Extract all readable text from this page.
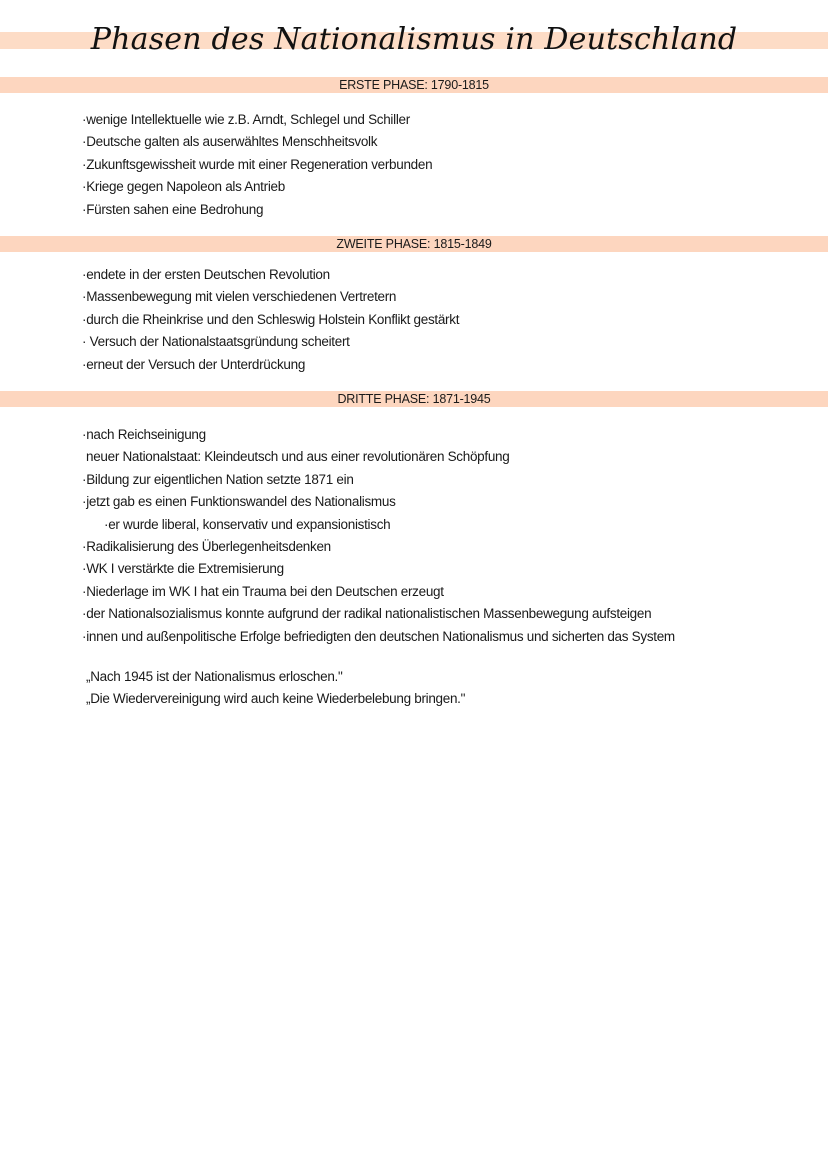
Phasen des Nationalismus in Deutschland
ERSTE PHASE: 1790-1815
·wenige Intellektuelle wie z.B. Arndt, Schlegel und Schiller
·Deutsche galten als auserwähltes Menschheitsvolk
·Zukunftsgewissheit wurde mit einer Regeneration verbunden
·Kriege gegen Napoleon als Antrieb
·Fürsten sahen eine Bedrohung
ZWEITE PHASE: 1815-1849
·endete in der ersten Deutschen Revolution
·Massenbewegung mit vielen verschiedenen Vertretern
·durch die Rheinkrise und den Schleswig Holstein Konflikt gestärkt
· Versuch der Nationalstaatsgründung scheitert
·erneut der Versuch der Unterdrückung
DRITTE PHASE: 1871-1945
·nach Reichseinigung
neuer Nationalstaat: Kleindeutsch und aus einer revolutionären Schöpfung
·Bildung zur eigentlichen Nation setzte 1871 ein
·jetzt gab es einen Funktionswandel des Nationalismus
·er wurde liberal, konservativ und expansionistisch
·Radikalisierung des Überlegenheitsdenken
·WK I verstärkte die Extremisierung
·Niederlage im WK I hat ein Trauma bei den Deutschen erzeugt
·der Nationalsozialismus konnte aufgrund der radikal nationalistischen Massenbewegung aufsteigen
·innen und außenpolitische Erfolge befriedigten den deutschen Nationalismus und sicherten das System
„Nach 1945 ist der Nationalismus erloschen."
„Die Wiedervereinigung wird auch keine Wiederbelebung bringen."
